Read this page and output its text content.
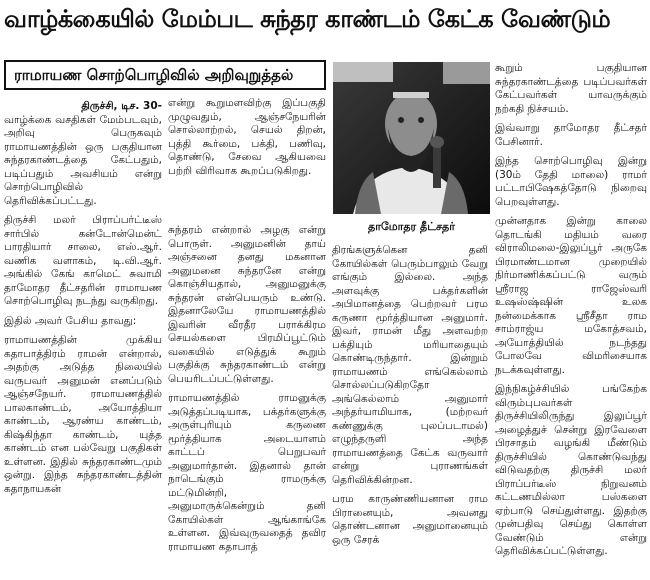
வாழ்க்கையில் மேம்பட சுந்தர காண்டம் கேட்க வேண்டும்
ராமாயண சொற்பொழிவில் அறிவுறுத்தல்
திருச்சி, டிச. 30-

வாழ்க்கை வசதிகள் மேம்படவும், அறிவு பெருகவும் ராமாயணத்தின் ஒரு பகுதியான சுந்தரகாண்டத்தை கேட்பதும், படிப்பதும் அவசியம் என்று சொற்பொழிவில் தெரிவிக்கப்பட்டது.

திருச்சி மலர் பிராப்பர்ட்டீஸ் சார்பில் கன்டோன்மென்ட் பாரதியார் சாலை, எஸ்.ஆர். வணிக வளாகம், டி.வி.ஆர். அங்கில் கேங் காமெட் சுவாமி தாமோதர தீட்சதரின் ராமாயண சொற்பொழிவு நடந்து வருகிறது.

இதில் அவர் பேசிய தாவது:

ராமாயணத்தின் முக்கிய கதாபாத்திரம் ராமன் என்றால், அதற்கு அடுத்த நிலையில் வருபவர் அனுமன் எனப்படும் ஆஞ்சநேயர். ராமாயணத்தில் பாலகாண்டம், அயோத்தியா காண்டம், ஆரண்ய காண்டம், கிஷ்கிந்தா காண்டம், யுத்த காண்டம் என பல்வேறு பகுதிகள் உள்ளன. இதில் சுந்தரகாண்டமும் ஒன்று. இந்த சுந்தரகாண்டத்தின் கதாநாயகன்

என்று கூறுமளவிற்கு இப்பகுதி முழுவதும், ஆஞ்சநேயரின் சொல்லாற்றல், செயல் திறன், புத்தி கூர்மை, பக்தி, பணிவு, தொண்டு, சேவை ஆகியவை பற்றி விரிவாக கூறப்படுகிறது.

சுந்தரம் என்றால் அழகு என்று பொருள். அனுமனின் தாய் அஞ்சனை தனது மகனான அனுமனை சுந்தரனே என்று கொஞ்சியதால், அனுமனுக்கு சுந்தரன் என்பெயரும் உண்டு. இதனாலேயே ராமாயணத்தில் இவரின் வீரதீர பராக்கிரம செயல்களை பிரமிப்பூட்டும் வகையில் எடுத்துக் கூறும் பகுதிக்கு சுந்தரகாண்டம் என்று பெயரிடப்பட்டுள்ளது.

ராமாயணத்தில் ராமனுக்கு அடுத்தப்படியாக, பக்தர்களுக்கு அருள்புரியும் கருணை மூர்த்தியாக அடையாளம் காட்டப் பெறுபவர் அனுமார்தான். இதனால் தான் நாடெங்கும் ராமருக்கு மட்டுமின்றி, அனுமாருக்கென்றும் தனி கோயில்கள் ஆங்காங்கே உள்ளன. இவ்வுருவதைத் தவிர ராமாயண கதாபாத்

தாமோதர தீட்சதர்

திரங்களுக்கென தனி கோயில்கள் பெரும்பாலும் வேறு எங்கும் இல்லை. அந்த அளவுக்கு பக்தர்களின் அபிமானத்தை பெற்றவர் பரம கருணா மூர்த்தியான அனுமார். இவர், ராமன் மீது அளவற்ற பக்தியும் மரியாதையும் கொண்டிருந்தார். இன்றும் ராமாயணம் எங்கெல்லாம் சொல்லப்படுகிறதோ அங்கெல்லாம் அனுமார் அந்தர்யாமியாக, (மற்றவர் கண்ணுக்கு புலப்படாமல்) எழுந்தருளி அந்த ராமாயணத்தை கேட்க வருவார் என்று புராணங்கள் தெரிவிக்கின்றன.

பரம காருண்ணியனான ராம பிரானையும், அவனது தொண்டனான அனுமானையும் ஒரு சேரக்

கூறும் பகுதியான சுந்தரகாண்டத்தை படிப்பவர்கள் கேட்பவர்கள் யாவருக்கும் நற்கதி நிச்சயம்.

இவ்வாறு தாமோதர தீட்சதர் பேசினார்.

இந்த சொற்பொழிவு இன்று (30ம் தேதி மாலை) ராமர் பட்டாபிஷேகத்தோடு நிறைவு பெறவுள்ளது.

முன்னதாக இன்று காலை தொடங்கி மதியம் வரை விராலிமலை-இலுப்பூர் அருகே பிரமாண்டமான முறையில் நிர்மாணிக்கப்பட்டு வரும் ஸ்ரீராஜ ராஜேஸ்வரி உஷஸ்ஷ்ஷின் உலக நன்மைக்காக ஸ்ரீசீதா ராம சாம்ராஜ்ய மகோத்சவம், அயோத்தியில் நடந்தது போலவே விமரிசையாக நடக்கவுள்ளது.

இந்நிகழ்ச்சியில் பங்கேற்க விரும்புபவர்கள் திருச்சியிலிருந்து இலுப்பூர் அழைத்துச் சென்று இரவேளை பிரசாதம் வழங்கி மீண்டும் திருச்சியில் கொண்டுவந்து விடுவதற்கு திருச்சி மலர் பிராப்பர்டீஸ் நிறுவனம் கட்டணமில்லா பஸ்களை ஏற்பாடு செய்துள்ளது. இதற்கு முன்பதிவு செய்து கொள்ள வேண்டும் என்று தெரிவிக்கப்பட்டுள்ளது.
